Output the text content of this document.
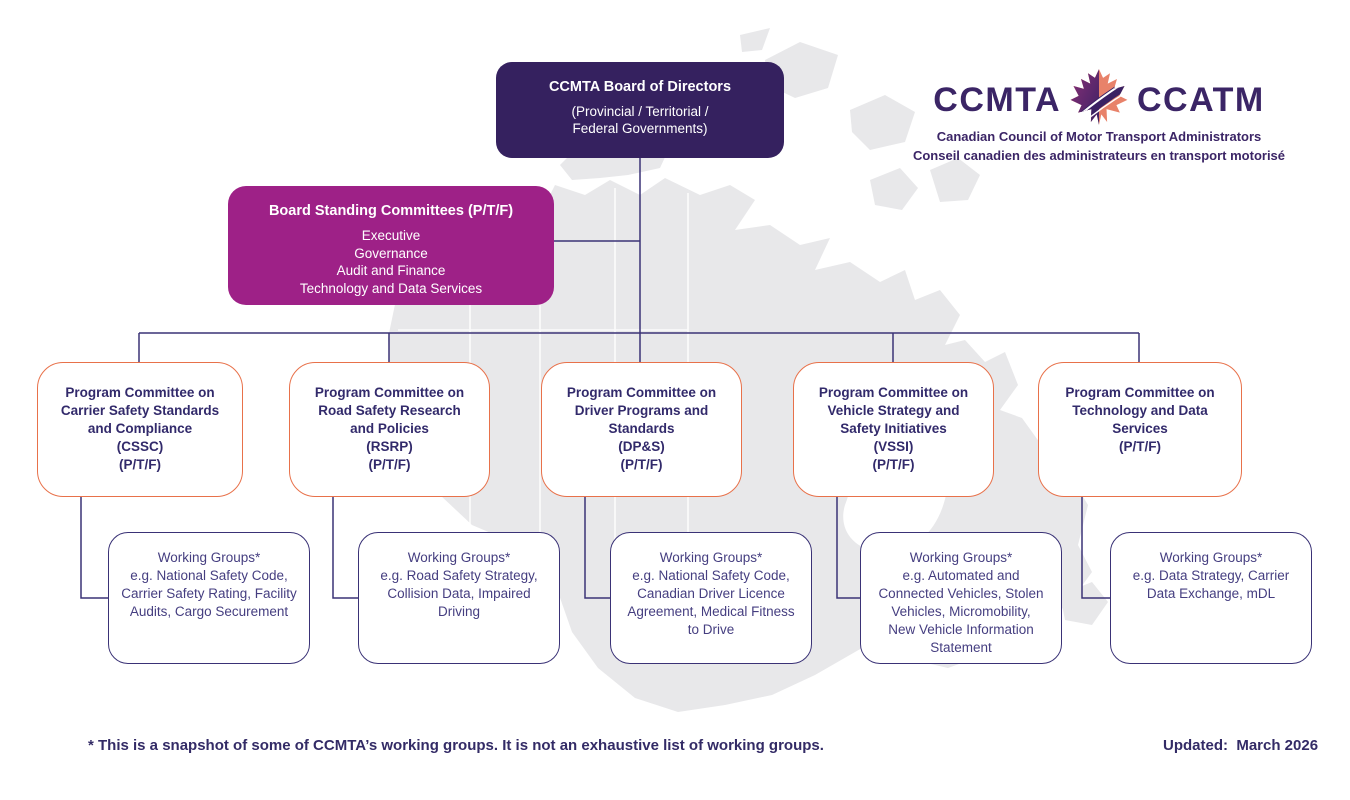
CCMTA Board of Directors
(Provincial / Territorial /
Federal Governments)
Board Standing Committees (P/T/F)
Executive
Governance
Audit and Finance
Technology and Data Services
Program Committee on
Carrier Safety Standards
and Compliance
(CSSC)
(P/T/F)
Program Committee on
Road Safety Research
and Policies
(RSRP)
(P/T/F)
Program Committee on
Driver Programs and
Standards
(DP&S)
(P/T/F)
Program Committee on
Vehicle Strategy and
Safety Initiatives
(VSSI)
(P/T/F)
Program Committee on
Technology and Data
Services
(P/T/F)
Working Groups*
e.g. National Safety Code,
Carrier Safety Rating, Facility
Audits, Cargo Securement
Working Groups*
e.g. Road Safety Strategy,
Collision Data, Impaired
Driving
Working Groups*
e.g. National Safety Code,
Canadian Driver Licence
Agreement, Medical Fitness
to Drive
Working Groups*
e.g. Automated and
Connected Vehicles, Stolen
Vehicles, Micromobility,
New Vehicle Information
Statement
Working Groups*
e.g. Data Strategy, Carrier
Data Exchange, mDL
CCMTA CCATM
Canadian Council of Motor Transport Administrators
Conseil canadien des administrateurs en transport motorisé
* This is a snapshot of some of CCMTA’s working groups. It is not an exhaustive list of working groups.	Updated:  March 2026
